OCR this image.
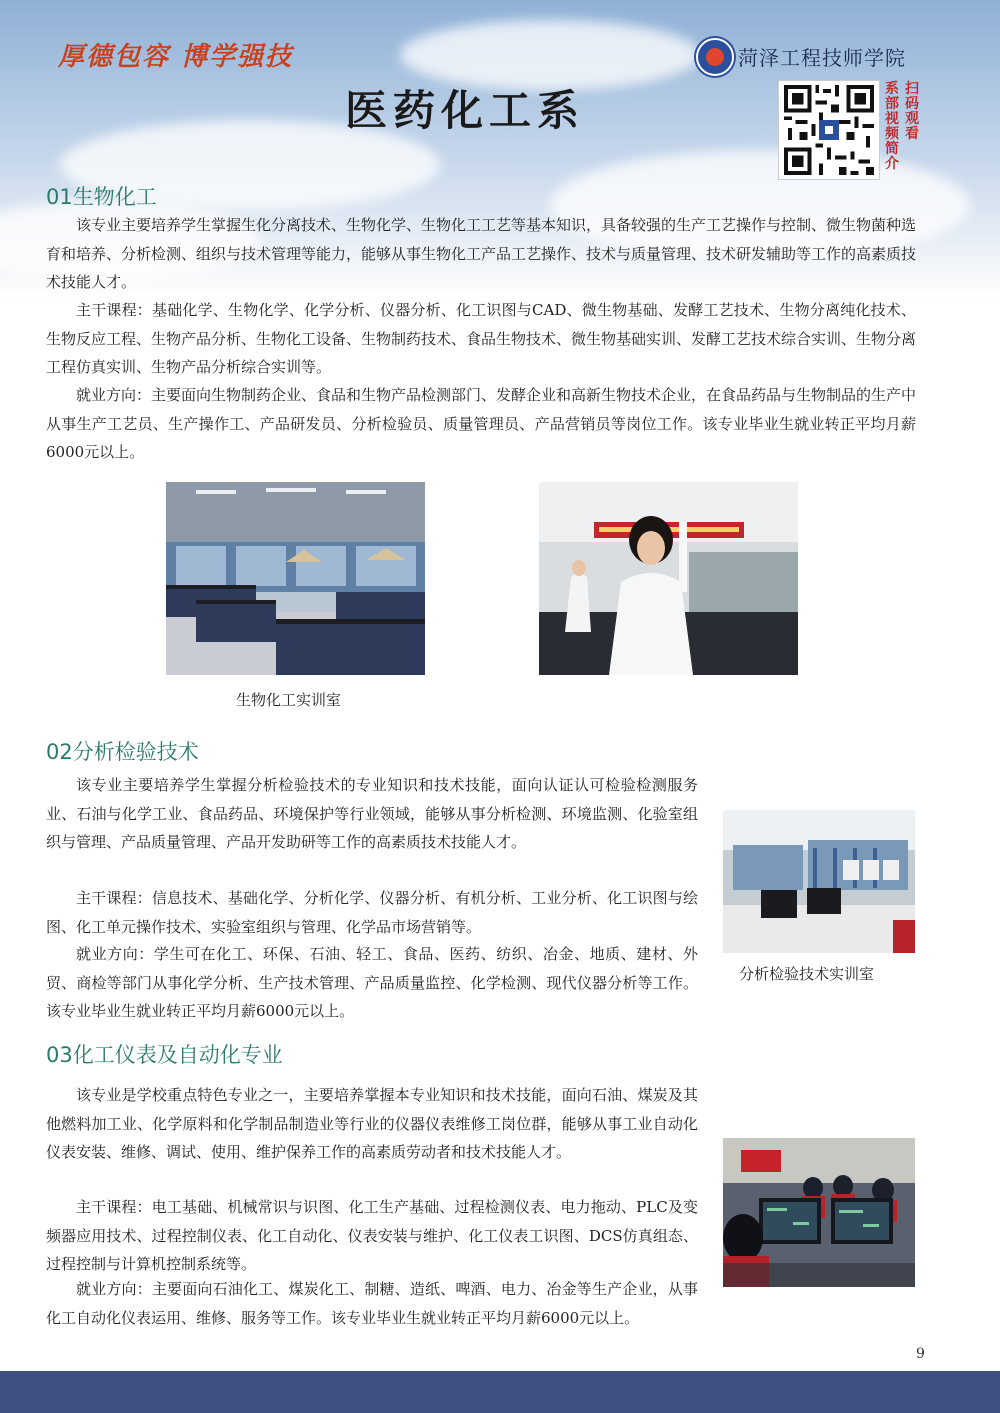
厚德包容 博学强技
医药化工系
菏泽工程技师学院
扫
码
观
看
系
部
视
频
简
介
01生物化工

该专业主要培养学生掌握生化分离技术、生物化学、生物化工工艺等基本知识，具备较强的生产工艺操作与控制、微生物菌种选育和培养、分析检测、组织与技术管理等能力，能够从事生物化工产品工艺操作、技术与质量管理、技术研发辅助等工作的高素质技术技能人才。

主干课程：基础化学、生物化学、化学分析、仪器分析、化工识图与CAD、微生物基础、发酵工艺技术、生物分离纯化技术、生物反应工程、生物产品分析、生物化工设备、生物制药技术、食品生物技术、微生物基础实训、发酵工艺技术综合实训、生物分离工程仿真实训、生物产品分析综合实训等。

就业方向：主要面向生物制药企业、食品和生物产品检测部门、发酵企业和高新生物技术企业，在食品药品与生物制品的生产中从事生产工艺员、生产操作工、产品研发员、分析检验员、质量管理员、产品营销员等岗位工作。该专业毕业生就业转正平均月薪6000元以上。

生物化工实训室
02分析检验技术

该专业主要培养学生掌握分析检验技术的专业知识和技术技能，面向认证认可检验检测服务业、石油与化学工业、食品药品、环境保护等行业领域，能够从事分析检测、环境监测、化验室组织与管理、产品质量管理、产品开发助研等工作的高素质技术技能人才。

主干课程：信息技术、基础化学、分析化学、仪器分析、有机分析、工业分析、化工识图与绘图、化工单元操作技术、实验室组织与管理、化学品市场营销等。

就业方向：学生可在化工、环保、石油、轻工、食品、医药、纺织、冶金、地质、建材、外贸、商检等部门从事化学分析、生产技术管理、产品质量监控、化学检测、现代仪器分析等工作。该专业毕业生就业转正平均月薪6000元以上。

分析检验技术实训室
03化工仪表及自动化专业

该专业是学校重点特色专业之一，主要培养掌握本专业知识和技术技能，面向石油、煤炭及其他燃料加工业、化学原料和化学制品制造业等行业的仪器仪表维修工岗位群，能够从事工业自动化仪表安装、维修、调试、使用、维护保养工作的高素质劳动者和技术技能人才。

主干课程：电工基础、机械常识与识图、化工生产基础、过程检测仪表、电力拖动、PLC及变频器应用技术、过程控制仪表、化工自动化、仪表安装与维护、化工仪表工识图、DCS仿真组态、过程控制与计算机控制系统等。

就业方向：主要面向石油化工、煤炭化工、制糖、造纸、啤酒、电力、冶金等生产企业，从事化工自动化仪表运用、维修、服务等工作。该专业毕业生就业转正平均月薪6000元以上。

9
